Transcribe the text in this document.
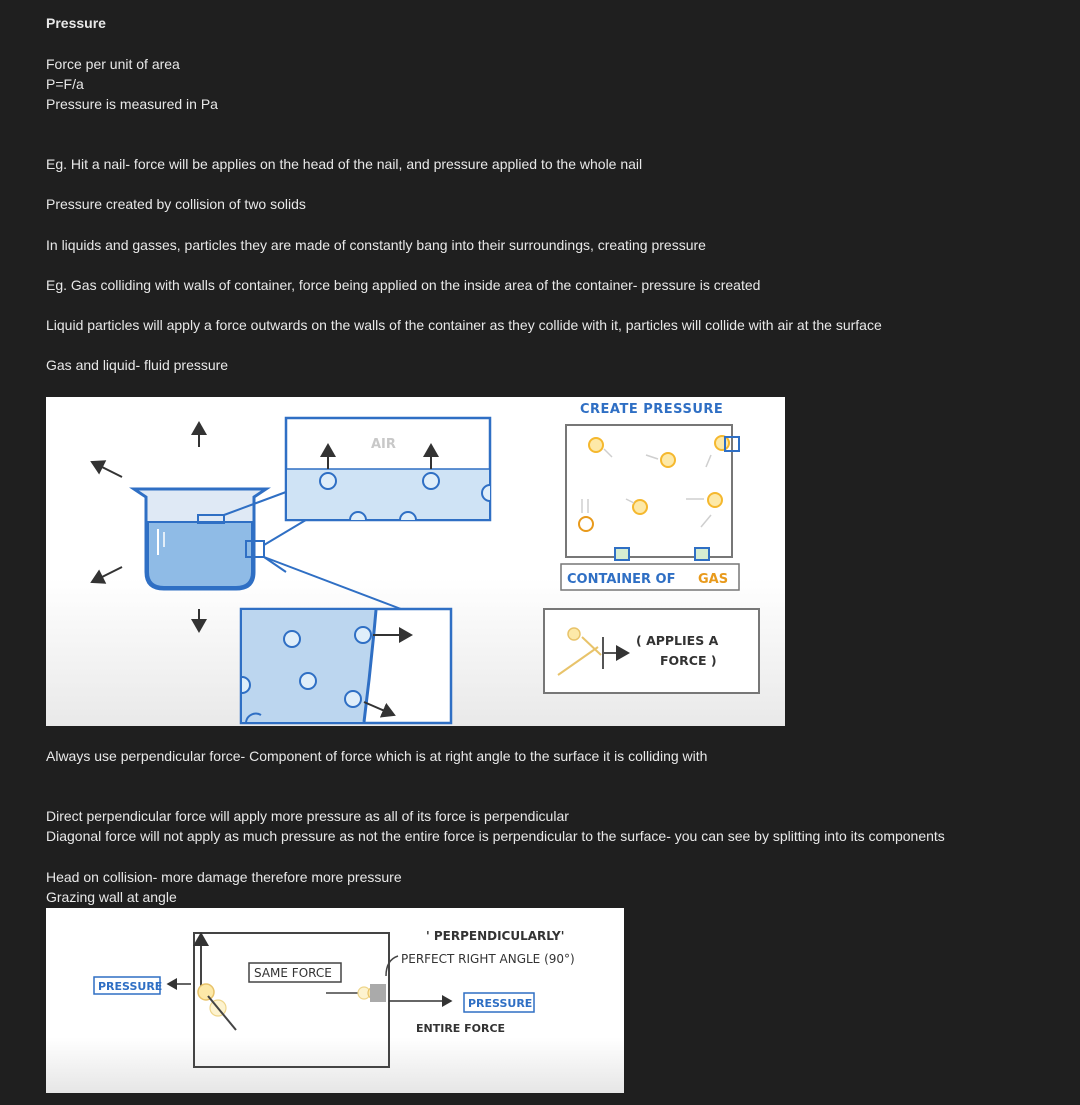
Pressure
Force per unit of area
P=F/a
Pressure is measured in Pa
Eg. Hit a nail- force will be applies on the head of the nail, and pressure applied to the whole nail
Pressure created by collision of two solids
In liquids and gasses, particles they are made of constantly bang into their surroundings, creating pressure
Eg. Gas colliding with walls of container, force being applied on the inside area of the container- pressure is created
Liquid particles will apply a force outwards on the walls of the container as they collide with it, particles will collide with air at the surface
Gas and liquid- fluid pressure
AIR
CREATE PRESSURE
CONTAINER OF GAS
( APPLIES A
FORCE )
Always use perpendicular force- Component of force which is at right angle to the surface it is colliding with
Direct perpendicular force will apply more pressure as all of its force is perpendicular
Diagonal force will not apply as much pressure as not the entire force is perpendicular to the surface- you can see by splitting into its components
Head on collision- more damage therefore more pressure
Grazing wall at angle
PRESSURE
SAME FORCE
' PERPENDICULARLY'
PERFECT RIGHT ANGLE (90°)
PRESSURE
ENTIRE FORCE
